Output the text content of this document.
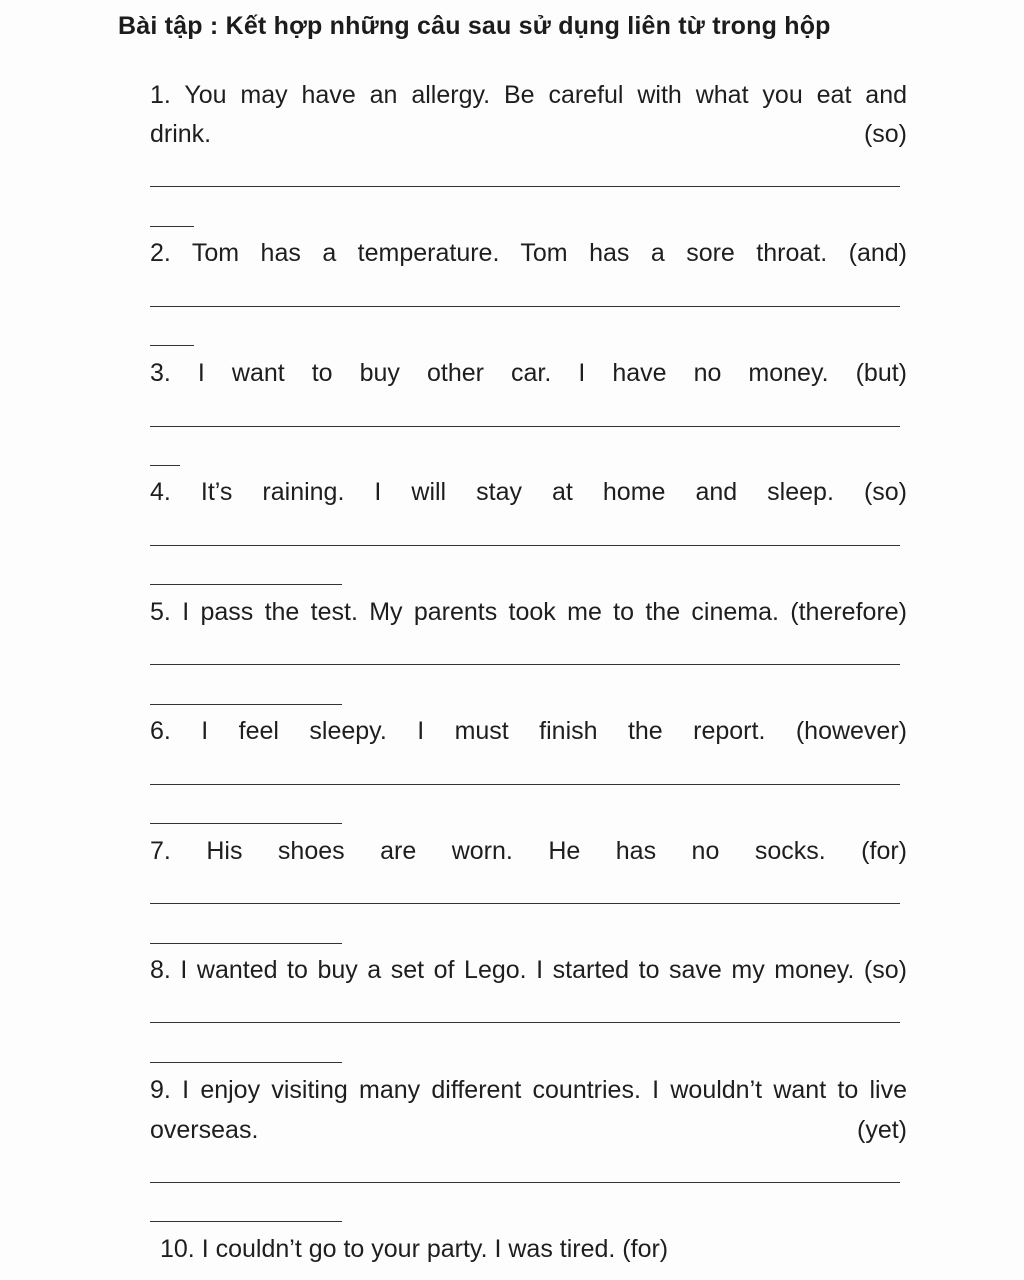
Bài tập : Kết hợp những câu sau sử dụng liên từ trong hộp
1. You may have an allergy. Be careful with what you eat and
drink.	(so)
2. Tom has a temperature. Tom has a sore throat. (and)
3. I want to buy other car. I have no money. (but)
4. It’s raining. I will stay at home and sleep. (so)
5. I pass the test. My parents took me to the cinema. (therefore)
6. I feel sleepy. I must finish the report. (however)
7. His shoes are worn. He has no socks. (for)
8. I wanted to buy a set of Lego. I started to save my money. (so)
9. I enjoy visiting many different countries. I wouldn’t want to live
overseas.	(yet)
10. I couldn’t go to your party. I was tired. (for)
